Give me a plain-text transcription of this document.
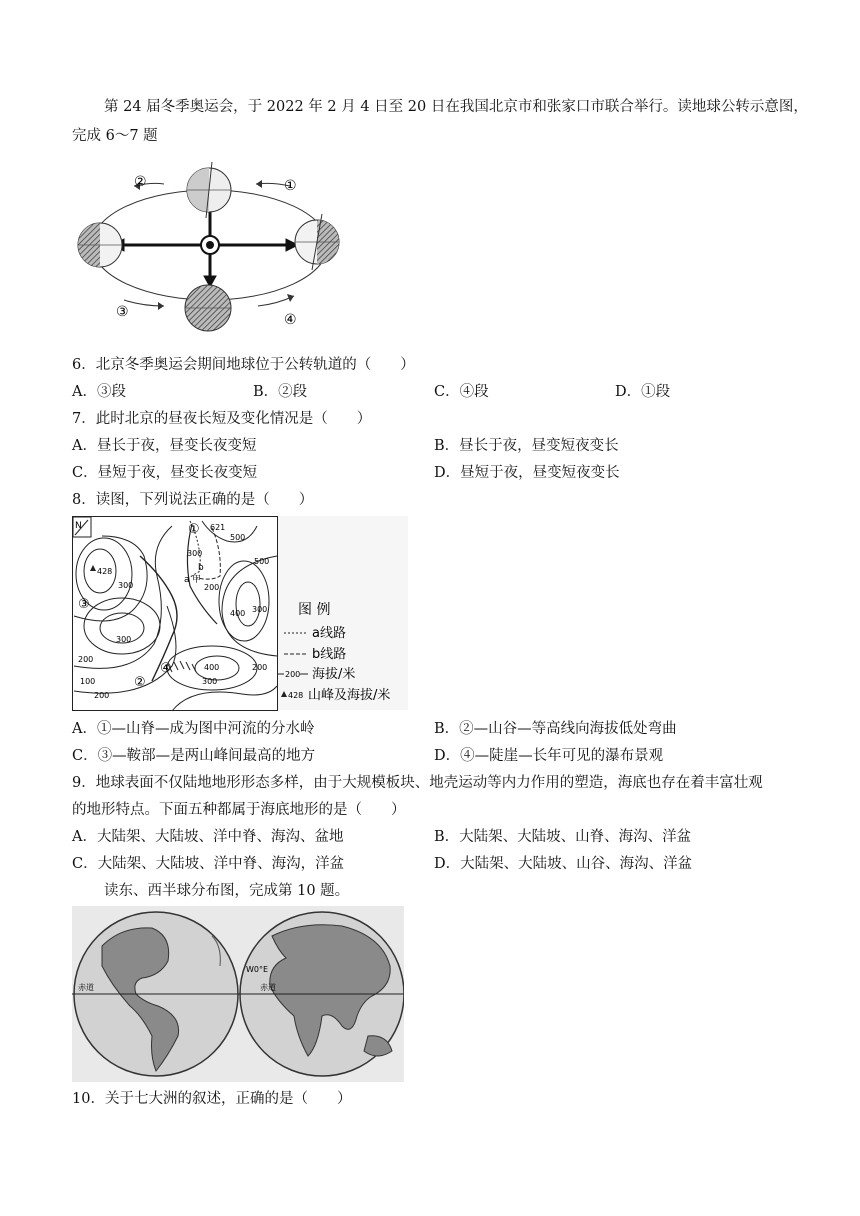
第 24 届冬季奥运会，于 2022 年 2 月 4 日至 20 日在我国北京市和张家口市联合举行。读地球公转示意图，
完成 6～7 题
①
②
③	④
6．北京冬季奥运会期间地球位于公转轨道的（　　）
A．③段	B．②段	C．④段	D．①段
7．此时北京的昼夜长短及变化情况是（　　）
A．昼长于夜，昼变长夜变短	B．昼长于夜，昼变短夜变长
C．昼短于夜，昼变长夜变短	D．昼短于夜，昼变短夜变长
8．读图，下列说法正确的是（　　）
N
428
621
500
300
300
300
500
400 300
200
100
200
400
300
200
200
①
②
③
④
a 甲
b
图 例
a线路
b线路
200 海拔/米
428 山峰及海拔/米
A．①—山脊—成为图中河流的分水岭	B．②—山谷—等高线向海拔低处弯曲
C．③—鞍部—是两山峰间最高的地方	D．④—陡崖—长年可见的瀑布景观
9．地球表面不仅陆地地形形态多样，由于大规模板块、地壳运动等内力作用的塑造，海底也存在着丰富壮观
的地形特点。下面五种都属于海底地形的是（　　）
A．大陆架、大陆坡、洋中脊、海沟、盆地	B．大陆架、大陆坡、山脊、海沟、洋盆
C．大陆架、大陆坡、洋中脊、海沟，洋盆	D．大陆架、大陆坡、山谷、海沟、洋盆
读东、西半球分布图，完成第 10 题。
赤道
W0°E
赤道
10．关于七大洲的叙述，正确的是（　　）
